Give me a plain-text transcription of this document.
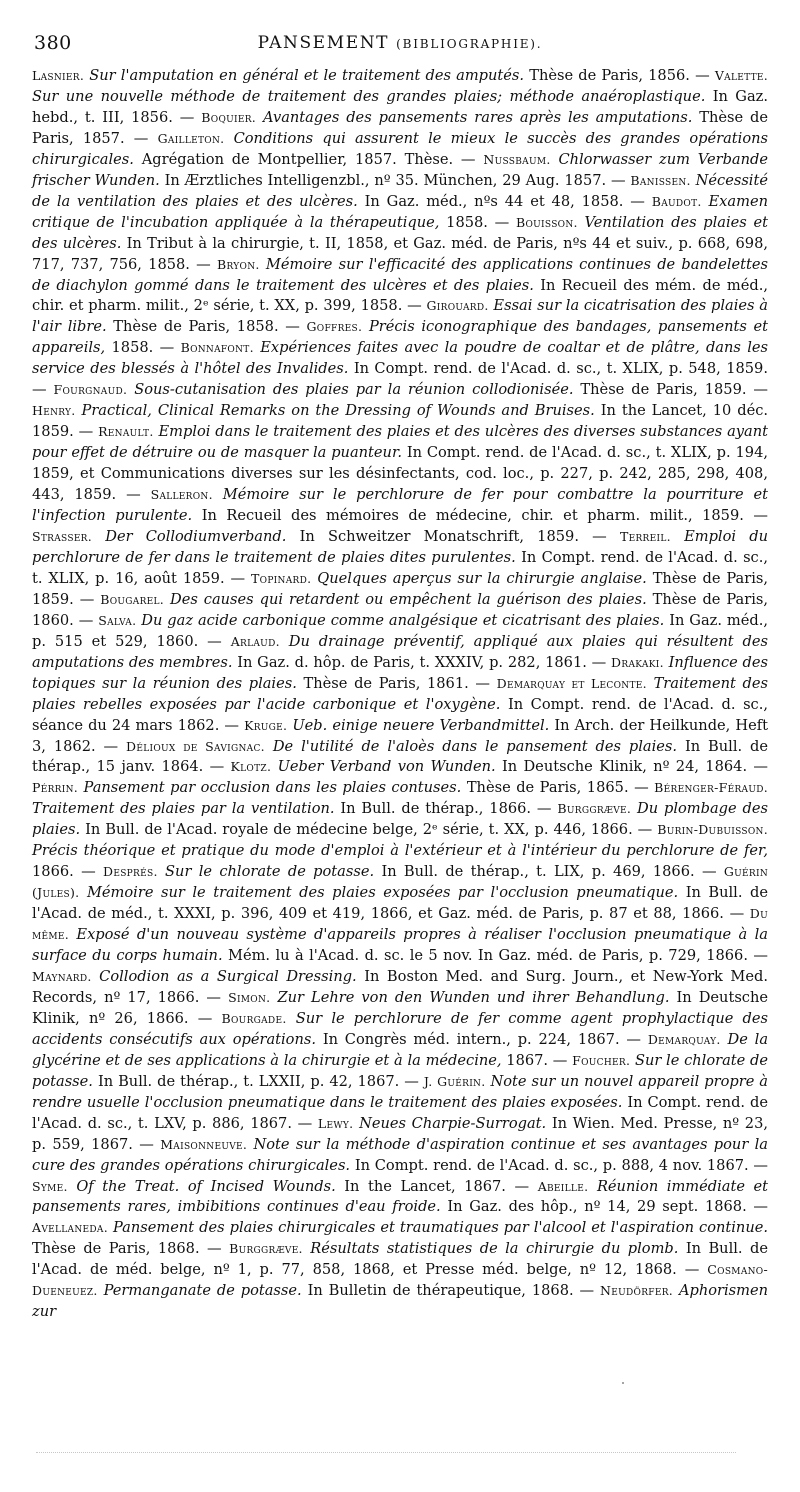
380	PANSEMENT (BIBLIOGRAPHIE).
Lasnier. Sur l'amputation en général et le traitement des amputés. Thèse de Paris, 1856. — Valette. Sur une nouvelle méthode de traitement des grandes plaies; méthode anaéroplastique. In Gaz. hebd., t. III, 1856. — Boquier. Avantages des pansements rares après les amputations. Thèse de Paris, 1857. — Gailleton. Conditions qui assurent le mieux le succès des grandes opérations chirurgicales. Agrégation de Montpellier, 1857. Thèse. — Nussbaum. Chlorwasser zum Verbande frischer Wunden. In Ærztliches Intelligenzbl., nº 35. München, 29 Aug. 1857. — Banissen. Nécessité de la ventilation des plaies et des ulcères. In Gaz. méd., nºs 44 et 48, 1858. — Baudot. Examen critique de l'incubation appliquée à la thérapeutique, 1858. — Bouisson. Ventilation des plaies et des ulcères. In Tribut à la chirurgie, t. II, 1858, et Gaz. méd. de Paris, nºs 44 et suiv., p. 668, 698, 717, 737, 756, 1858. — Bryon. Mémoire sur l'efficacité des applications continues de bandelettes de diachylon gommé dans le traitement des ulcères et des plaies. In Recueil des mém. de méd., chir. et pharm. milit., 2ᵉ série, t. XX, p. 399, 1858. — Girouard. Essai sur la cicatrisation des plaies à l'air libre. Thèse de Paris, 1858. — Goffres. Précis iconographique des bandages, pansements et appareils, 1858. — Bonnafont. Expériences faites avec la poudre de coaltar et de plâtre, dans les service des blessés à l'hôtel des Invalides. In Compt. rend. de l'Acad. d. sc., t. XLIX, p. 548, 1859. — Fourgnaud. Sous-cutanisation des plaies par la réunion collodionisée. Thèse de Paris, 1859. — Henry. Practical, Clinical Remarks on the Dressing of Wounds and Bruises. In the Lancet, 10 déc. 1859. — Renault. Emploi dans le traitement des plaies et des ulcères des diverses substances ayant pour effet de détruire ou de masquer la puanteur. In Compt. rend. de l'Acad. d. sc., t. XLIX, p. 194, 1859, et Communications diverses sur les désinfectants, cod. loc., p. 227, p. 242, 285, 298, 408, 443, 1859. — Salleron. Mémoire sur le perchlorure de fer pour combattre la pourriture et l'infection purulente. In Recueil des mémoires de médecine, chir. et pharm. milit., 1859. — Strasser. Der Collodiumverband. In Schweitzer Monatschrift, 1859. — Terreil. Emploi du perchlorure de fer dans le traitement de plaies dites purulentes. In Compt. rend. de l'Acad. d. sc., t. XLIX, p. 16, août 1859. — Topinard. Quelques aperçus sur la chirurgie anglaise. Thèse de Paris, 1859. — Bougarel. Des causes qui retardent ou empêchent la guérison des plaies. Thèse de Paris, 1860. — Salva. Du gaz acide carbonique comme analgésique et cicatrisant des plaies. In Gaz. méd., p. 515 et 529, 1860. — Arlaud. Du drainage préventif, appliqué aux plaies qui résultent des amputations des membres. In Gaz. d. hôp. de Paris, t. XXXIV, p. 282, 1861. — Drakaki. Influence des topiques sur la réunion des plaies. Thèse de Paris, 1861. — Demarquay et Leconte. Traitement des plaies rebelles exposées par l'acide carbonique et l'oxygène. In Compt. rend. de l'Acad. d. sc., séance du 24 mars 1862. — Kruge. Ueb. einige neuere Verbandmittel. In Arch. der Heilkunde, Heft 3, 1862. — Délioux de Savignac. De l'utilité de l'aloès dans le pansement des plaies. In Bull. de thérap., 15 janv. 1864. — Klotz. Ueber Verband von Wunden. In Deutsche Klinik, nº 24, 1864. — Pérrin. Pansement par occlusion dans les plaies contuses. Thèse de Paris, 1865. — Bérenger-Féraud. Traitement des plaies par la ventilation. In Bull. de thérap., 1866. — Burggræve. Du plombage des plaies. In Bull. de l'Acad. royale de médecine belge, 2ᵉ série, t. XX, p. 446, 1866. — Burin-Dubuisson. Précis théorique et pratique du mode d'emploi à l'extérieur et à l'intérieur du perchlorure de fer, 1866. — Després. Sur le chlorate de potasse. In Bull. de thérap., t. LIX, p. 469, 1866. — Guérin (Jules). Mémoire sur le traitement des plaies exposées par l'occlusion pneumatique. In Bull. de l'Acad. de méd., t. XXXI, p. 396, 409 et 419, 1866, et Gaz. méd. de Paris, p. 87 et 88, 1866. — Du même. Exposé d'un nouveau système d'appareils propres à réaliser l'occlusion pneumatique à la surface du corps humain. Mém. lu à l'Acad. d. sc. le 5 nov. In Gaz. méd. de Paris, p. 729, 1866. — Maynard. Collodion as a Surgical Dressing. In Boston Med. and Surg. Journ., et New-York Med. Records, nº 17, 1866. — Simon. Zur Lehre von den Wunden und ihrer Behandlung. In Deutsche Klinik, nº 26, 1866. — Bourgade. Sur le perchlorure de fer comme agent prophylactique des accidents consécutifs aux opérations. In Congrès méd. intern., p. 224, 1867. — Demarquay. De la glycérine et de ses applications à la chirurgie et à la médecine, 1867. — Foucher. Sur le chlorate de potasse. In Bull. de thérap., t. LXXII, p. 42, 1867. — J. Guérin. Note sur un nouvel appareil propre à rendre usuelle l'occlusion pneumatique dans le traitement des plaies exposées. In Compt. rend. de l'Acad. d. sc., t. LXV, p. 886, 1867. — Lewy. Neues Charpie-Surrogat. In Wien. Med. Presse, nº 23, p. 559, 1867. — Maisonneuve. Note sur la méthode d'aspiration continue et ses avantages pour la cure des grandes opérations chirurgicales. In Compt. rend. de l'Acad. d. sc., p. 888, 4 nov. 1867. — Syme. Of the Treat. of Incised Wounds. In the Lancet, 1867. — Abeille. Réunion immédiate et pansements rares, imbibitions continues d'eau froide. In Gaz. des hôp., nº 14, 29 sept. 1868. — Avellaneda. Pansement des plaies chirurgicales et traumatiques par l'alcool et l'aspiration continue. Thèse de Paris, 1868. — Burggræve. Résultats statistiques de la chirurgie du plomb. In Bull. de l'Acad. de méd. belge, nº 1, p. 77, 858, 1868, et Presse méd. belge, nº 12, 1868. — Cosmano-Dueneuez. Permanganate de potasse. In Bulletin de thérapeutique, 1868. — Neudörfer. Aphorismen zur
